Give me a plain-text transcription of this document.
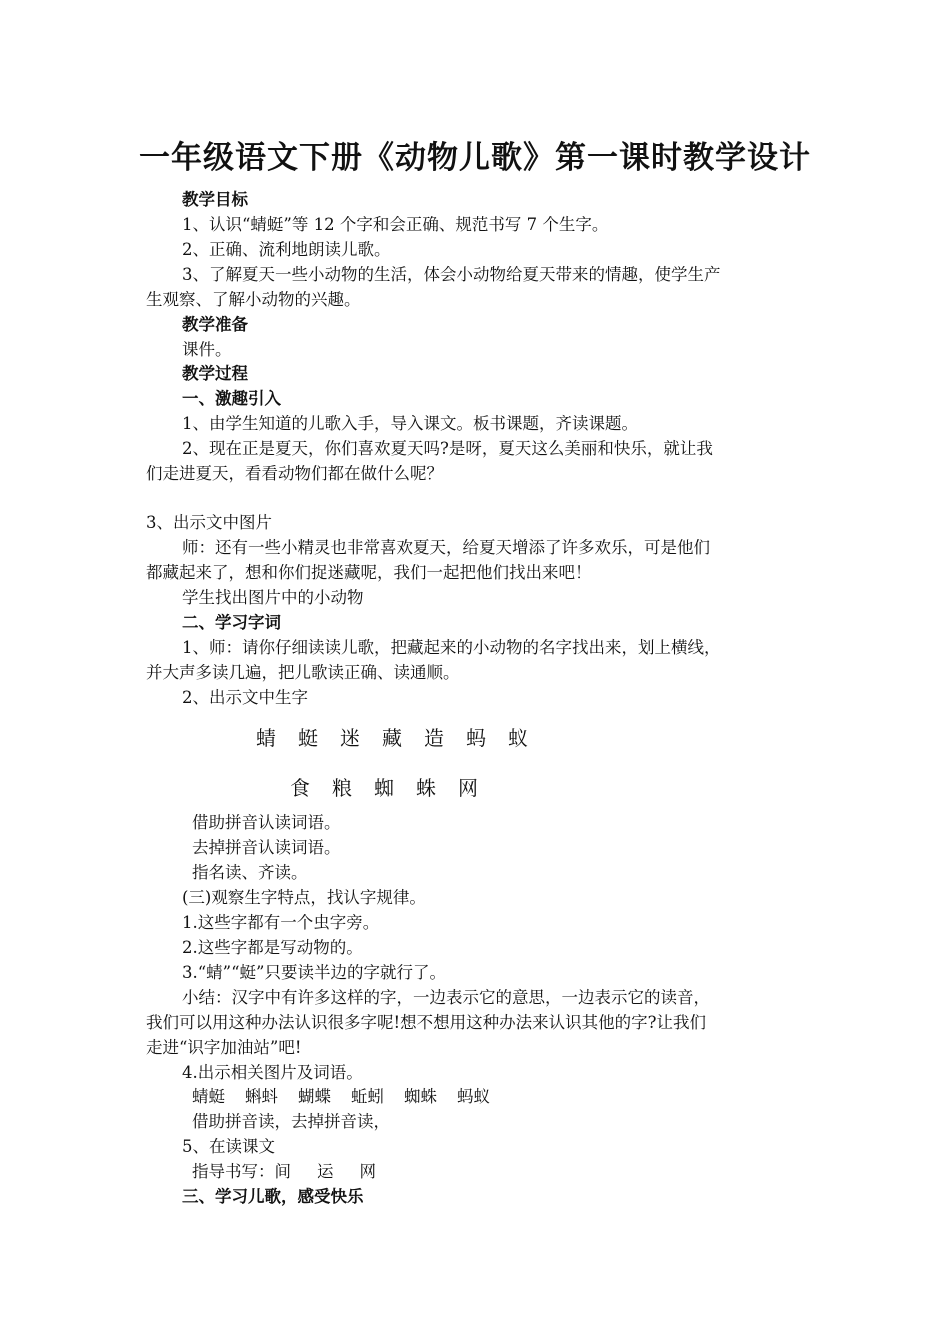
一年级语文下册《动物儿歌》第一课时教学设计
教学目标
1、认识“蜻蜓”等 12 个字和会正确、规范书写 7 个生字。
2、正确、流利地朗读儿歌。
3、了解夏天一些小动物的生活，体会小动物给夏天带来的情趣，使学生产
生观察、了解小动物的兴趣。
教学准备
课件。
教学过程
一、激趣引入
1、由学生知道的儿歌入手，导入课文。板书课题，齐读课题。
2、现在正是夏天，你们喜欢夏天吗?是呀，夏天这么美丽和快乐，就让我
们走进夏天，看看动物们都在做什么呢？
3、出示文中图片
师：还有一些小精灵也非常喜欢夏天，给夏天增添了许多欢乐，可是他们
都藏起来了，想和你们捉迷藏呢，我们一起把他们找出来吧！
学生找出图片中的小动物
二、学习字词
1、师：请你仔细读读儿歌，把藏起来的小动物的名字找出来，划上横线，
并大声多读几遍，把儿歌读正确、读通顺。
2、出示文中生字
蜻 蜓 迷 藏 造 蚂 蚁
食 粮 蜘 蛛 网
借助拼音认读词语。
去掉拼音认读词语。
指名读、齐读。
(三)观察生字特点，找认字规律。
1.这些字都有一个虫字旁。
2.这些字都是写动物的。
3.“蜻”“蜓”只要读半边的字就行了。
小结：汉字中有许多这样的字，一边表示它的意思，一边表示它的读音，
我们可以用这种办法认识很多字呢!想不想用这种办法来认识其他的字?让我们
走进“识字加油站”吧!
4.出示相关图片及词语。
蜻蜓 蝌蚪 蝴蝶 蚯蚓 蜘蛛 蚂蚁
借助拼音读，去掉拼音读，
5、在读课文
指导书写：间 运 网
三、学习儿歌，感受快乐
